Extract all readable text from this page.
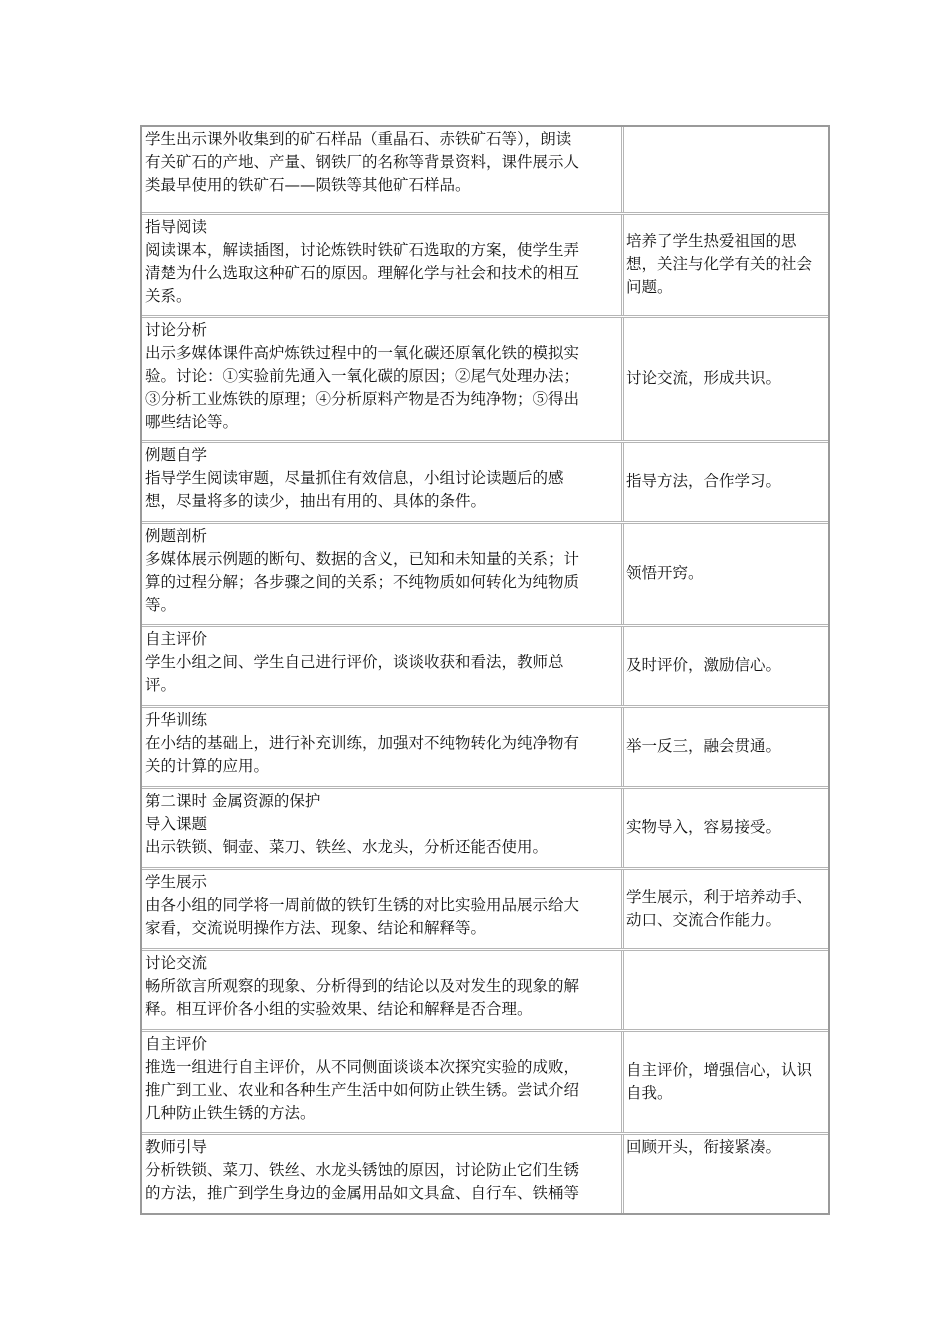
学生出示课外收集到的矿石样品（重晶石、赤铁矿石等），朗读
有关矿石的产地、产量、钢铁厂的名称等背景资料，课件展示人
类最早使用的铁矿石——陨铁等其他矿石样品。
指导阅读
阅读课本，解读插图，讨论炼铁时铁矿石选取的方案，使学生弄
清楚为什么选取这种矿石的原因。理解化学与社会和技术的相互
关系。
培养了学生热爱祖国的思想，关注与化学有关的社会问题。
讨论分析
出示多媒体课件高炉炼铁过程中的一氧化碳还原氧化铁的模拟实
验。讨论：①实验前先通入一氧化碳的原因；②尾气处理办法；
③分析工业炼铁的原理；④分析原料产物是否为纯净物；⑤得出
哪些结论等。
讨论交流，形成共识。
例题自学
指导学生阅读审题，尽量抓住有效信息，小组讨论读题后的感
想，尽量将多的读少，抽出有用的、具体的条件。
指导方法，合作学习。
例题剖析
多媒体展示例题的断句、数据的含义，已知和未知量的关系；计
算的过程分解；各步骤之间的关系；不纯物质如何转化为纯物质
等。
领悟开窍。
自主评价
学生小组之间、学生自己进行评价，谈谈收获和看法，教师总
评。
及时评价，激励信心。
升华训练
在小结的基础上，进行补充训练，加强对不纯物转化为纯净物有
关的计算的应用。
举一反三，融会贯通。
第二课时 金属资源的保护
导入课题
出示铁锁、铜壶、菜刀、铁丝、水龙头，分析还能否使用。
实物导入，容易接受。
学生展示
由各小组的同学将一周前做的铁钉生锈的对比实验用品展示给大
家看，交流说明操作方法、现象、结论和解释等。
学生展示，利于培养动手、动口、交流合作能力。
讨论交流
畅所欲言所观察的现象、分析得到的结论以及对发生的现象的解
释。相互评价各小组的实验效果、结论和解释是否合理。
自主评价
推选一组进行自主评价，从不同侧面谈谈本次探究实验的成败，
推广到工业、农业和各种生产生活中如何防止铁生锈。尝试介绍
几种防止铁生锈的方法。
自主评价，增强信心，认识自我。
教师引导
分析铁锁、菜刀、铁丝、水龙头锈蚀的原因，讨论防止它们生锈
的方法，推广到学生身边的金属用品如文具盒、自行车、铁桶等
回顾开头，衔接紧凑。
